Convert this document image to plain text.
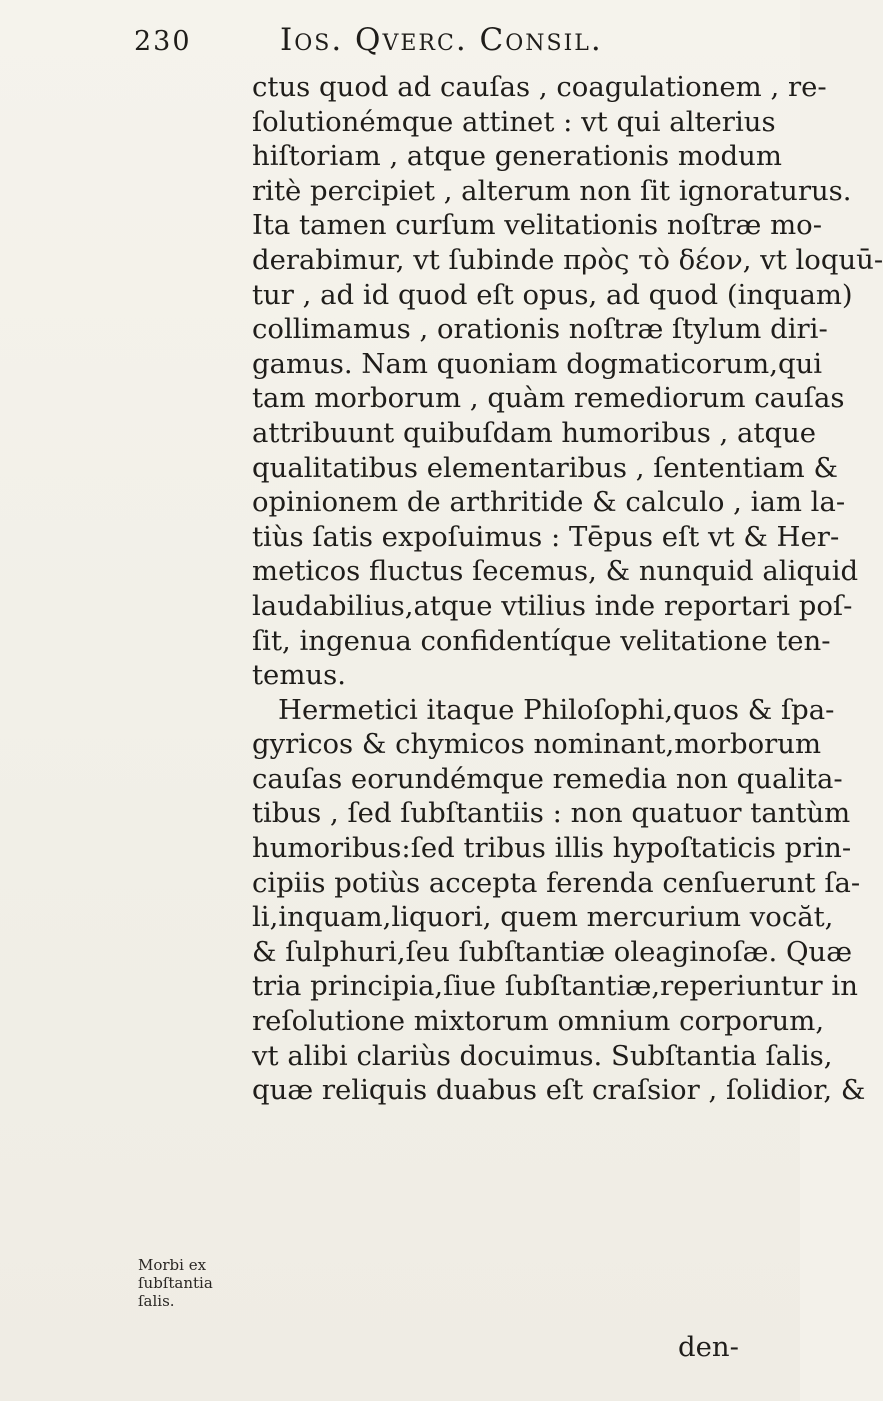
230	Ios. Qverc. Consil.
ctus quod ad cauſas , coagulationem , re-
ſolutionémque attinet : vt qui alterius
hiſtoriam , atque generationis modum
ritè percipiet , alterum non ſit ignoraturus.
Ita tamen curſum velitationis noſtræ mo-
derabimur, vt ſubinde πρὸς τὸ δέον, vt loquū-
tur , ad id quod eſt opus, ad quod (inquam)
collimamus , orationis noſtræ ſtylum diri-
gamus. Nam quoniam dogmaticorum,qui
tam morborum , quàm remediorum cauſas
attribuunt quibuſdam humoribus , atque
qualitatibus elementaribus , ſententiam &
opinionem de arthritide & calculo , iam la-
tiùs ſatis expoſuimus : Tēpus eſt vt & Her-
meticos fluctus ſecemus, & nunquid aliquid
laudabilius,atque vtilius inde reportari poſ-
ſit, ingenua confidentíque velitatione ten-
temus.
Hermetici itaque Philoſophi,quos & ſpa-
gyricos & chymicos nominant,morborum
cauſas eorundémque remedia non qualita-
tibus , ſed ſubſtantiis : non quatuor tantùm
humoribus:ſed tribus illis hypoſtaticis prin-
cipiis potiùs accepta ferenda cenſuerunt ſa-
li,inquam,liquori, quem mercurium vocăt,
& ſulphuri,ſeu ſubſtantiæ oleaginoſæ. Quæ
tria principia,ſiue ſubſtantiæ,reperiuntur in
reſolutione mixtorum omnium corporum,
vt alibi clariùs docuimus. Subſtantia ſalis,
quæ reliquis duabus eſt craſsior , ſolidior, &
den-
Morbi ex
ſubſtantia
ſalis.
